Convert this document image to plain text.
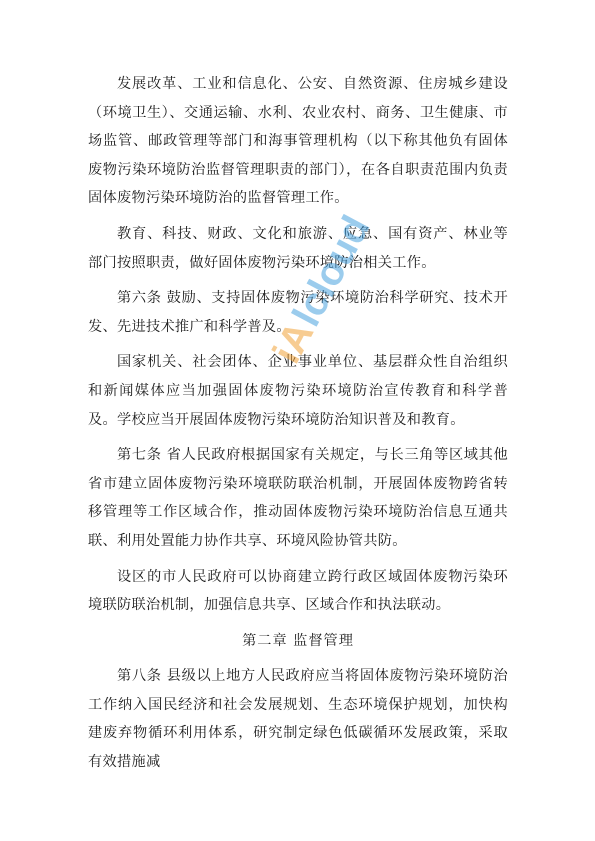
发展改革、工业和信息化、公安、自然资源、住房城乡建设（环境卫生）、交通运输、水利、农业农村、商务、卫生健康、市场监管、邮政管理等部门和海事管理机构（以下称其他负有固体废物污染环境防治监督管理职责的部门），在各自职责范围内负责固体废物污染环境防治的监督管理工作。

教育、科技、财政、文化和旅游、应急、国有资产、林业等部门按照职责，做好固体废物污染环境防治相关工作。

第六条 鼓励、支持固体废物污染环境防治科学研究、技术开发、先进技术推广和科学普及。

国家机关、社会团体、企业事业单位、基层群众性自治组织和新闻媒体应当加强固体废物污染环境防治宣传教育和科学普及。学校应当开展固体废物污染环境防治知识普及和教育。

第七条 省人民政府根据国家有关规定，与长三角等区域其他省市建立固体废物污染环境联防联治机制，开展固体废物跨省转移管理等工作区域合作，推动固体废物污染环境防治信息互通共联、利用处置能力协作共享、环境风险协管共防。

设区的市人民政府可以协商建立跨行政区域固体废物污染环境联防联治机制，加强信息共享、区域合作和执法联动。

第二章 监督管理

第八条 县级以上地方人民政府应当将固体废物污染环境防治工作纳入国民经济和社会发展规划、生态环境保护规划，加快构建废弃物循环利用体系，研究制定绿色低碳循环发展政策，采取有效措施减

iA
lcloud
